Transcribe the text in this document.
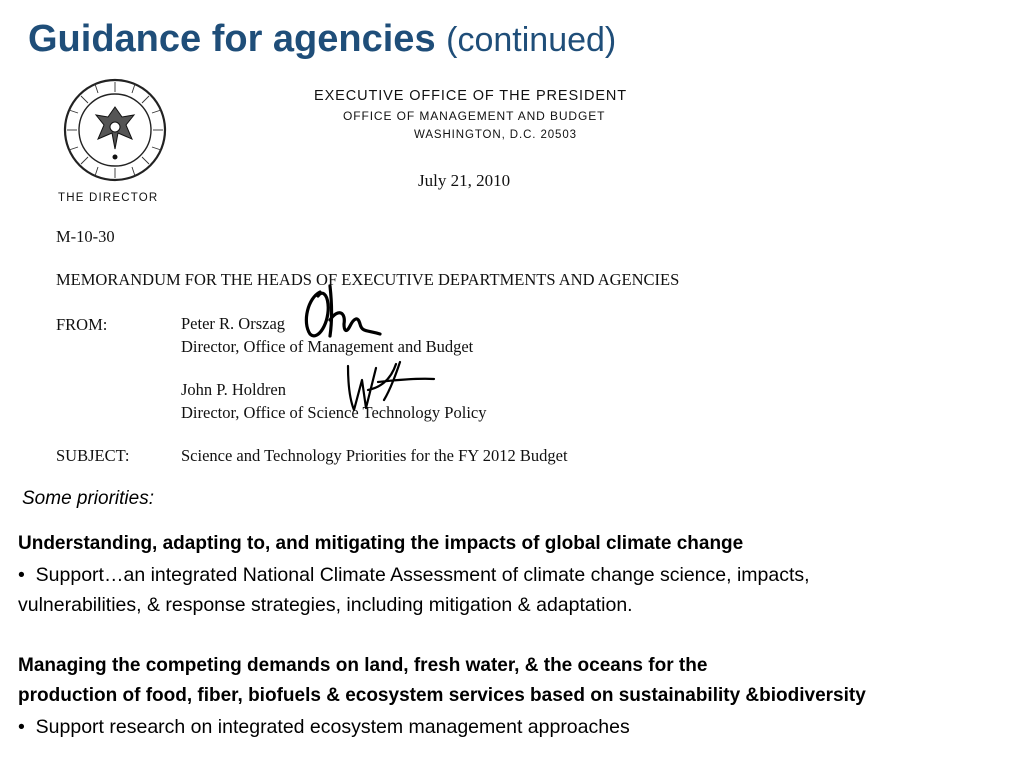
Guidance for agencies (continued)
EXECUTIVE OFFICE OF THE PRESIDENT
OFFICE OF MANAGEMENT AND BUDGET
WASHINGTON, D.C. 20503
July 21, 2010
THE DIRECTOR
M-10-30
MEMORANDUM FOR THE HEADS OF EXECUTIVE DEPARTMENTS AND AGENCIES
FROM:	Peter R. Orszag
Director, Office of Management and Budget
John P. Holdren
Director, Office of Science Technology Policy
SUBJECT:	Science and Technology Priorities for the FY 2012 Budget
Some priorities:
Understanding, adapting to, and mitigating the impacts of global climate change
• Support…an integrated National Climate Assessment of climate change science, impacts,
vulnerabilities, & response strategies, including mitigation & adaptation.
Managing the competing demands on land, fresh water, & the oceans for the
production of food, fiber, biofuels & ecosystem services based on sustainability &biodiversity
• Support research on integrated ecosystem management approaches
